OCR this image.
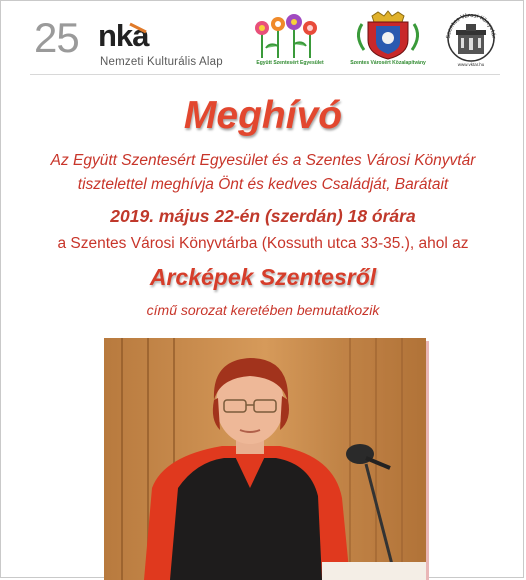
25 nka
Nemzeti Kulturális Alap	Együtt Szentesért Egyesület	Szentes Városért Közalapítvány
Szentes Városi Könyvtár
www.vktar.hu
Meghívó
Az Együtt Szentesért Egyesület és a Szentes Városi Könyvtár
tisztelettel meghívja Önt és kedves Családját, Barátait
2019. május 22-én (szerdán) 18 órára
a Szentes Városi Könyvtárba (Kossuth utca 33-35.), ahol az
Arcképek Szentesről
című sorozat keretében bemutatkozik
